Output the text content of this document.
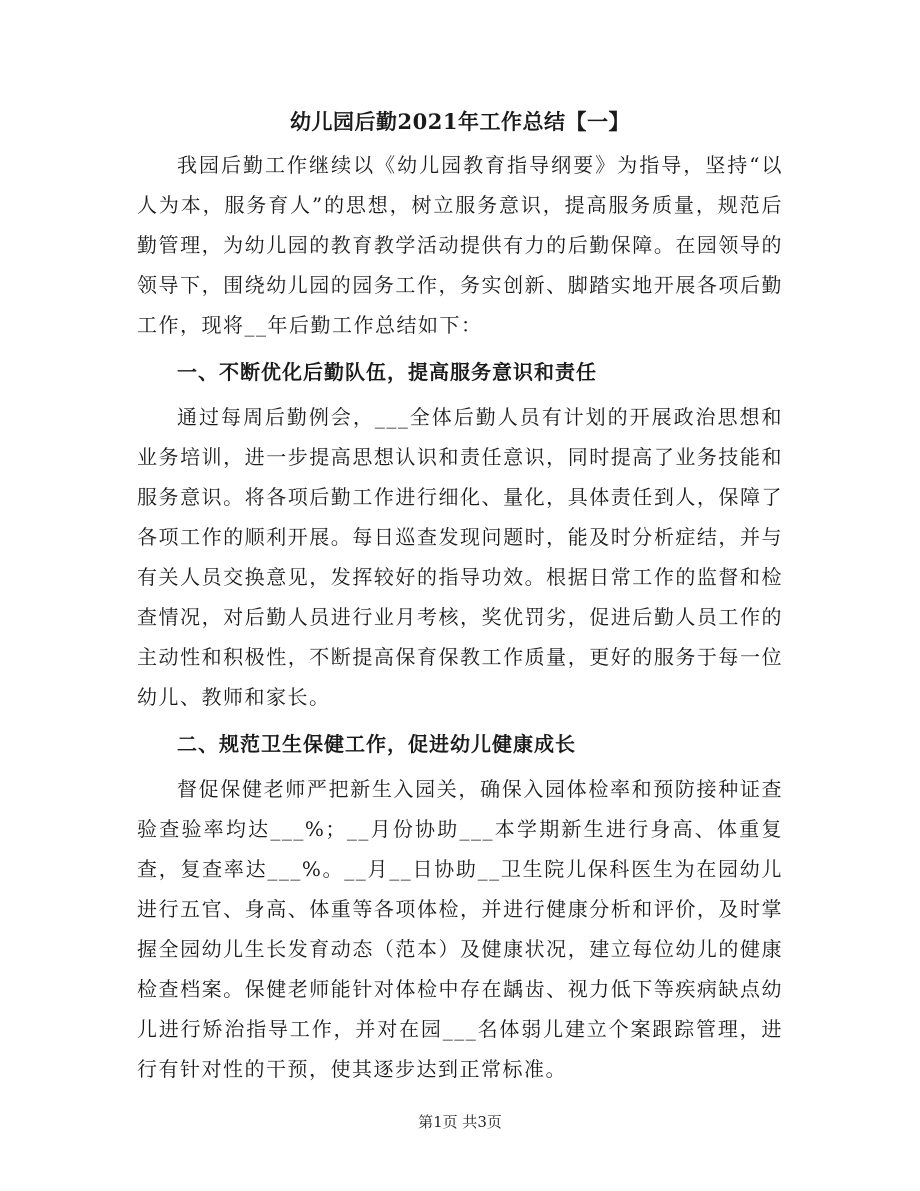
幼儿园后勤2021年工作总结【一】

我园后勤工作继续以《幼儿园教育指导纲要》为指导，坚持“以人为本，服务育人”的思想，树立服务意识，提高服务质量，规范后勤管理，为幼儿园的教育教学活动提供有力的后勤保障。在园领导的领导下，围绕幼儿园的园务工作，务实创新、脚踏实地开展各项后勤工作，现将__年后勤工作总结如下：

一、不断优化后勤队伍，提高服务意识和责任

通过每周后勤例会，___全体后勤人员有计划的开展政治思想和业务培训，进一步提高思想认识和责任意识，同时提高了业务技能和服务意识。将各项后勤工作进行细化、量化，具体责任到人，保障了各项工作的顺利开展。每日巡查发现问题时，能及时分析症结，并与有关人员交换意见，发挥较好的指导功效。根据日常工作的监督和检查情况，对后勤人员进行业月考核，奖优罚劣，促进后勤人员工作的主动性和积极性，不断提高保育保教工作质量，更好的服务于每一位幼儿、教师和家长。

二、规范卫生保健工作，促进幼儿健康成长

督促保健老师严把新生入园关，确保入园体检率和预防接种证查验查验率均达___%；__月份协助___本学期新生进行身高、体重复查，复查率达___%。__月__日协助__卫生院儿保科医生为在园幼儿进行五官、身高、体重等各项体检，并进行健康分析和评价，及时掌握全园幼儿生长发育动态（范本）及健康状况，建立每位幼儿的健康检查档案。保健老师能针对体检中存在龋齿、视力低下等疾病缺点幼儿进行矫治指导工作，并对在园___名体弱儿建立个案跟踪管理，进行有针对性的干预，使其逐步达到正常标准。

第1页 共3页
